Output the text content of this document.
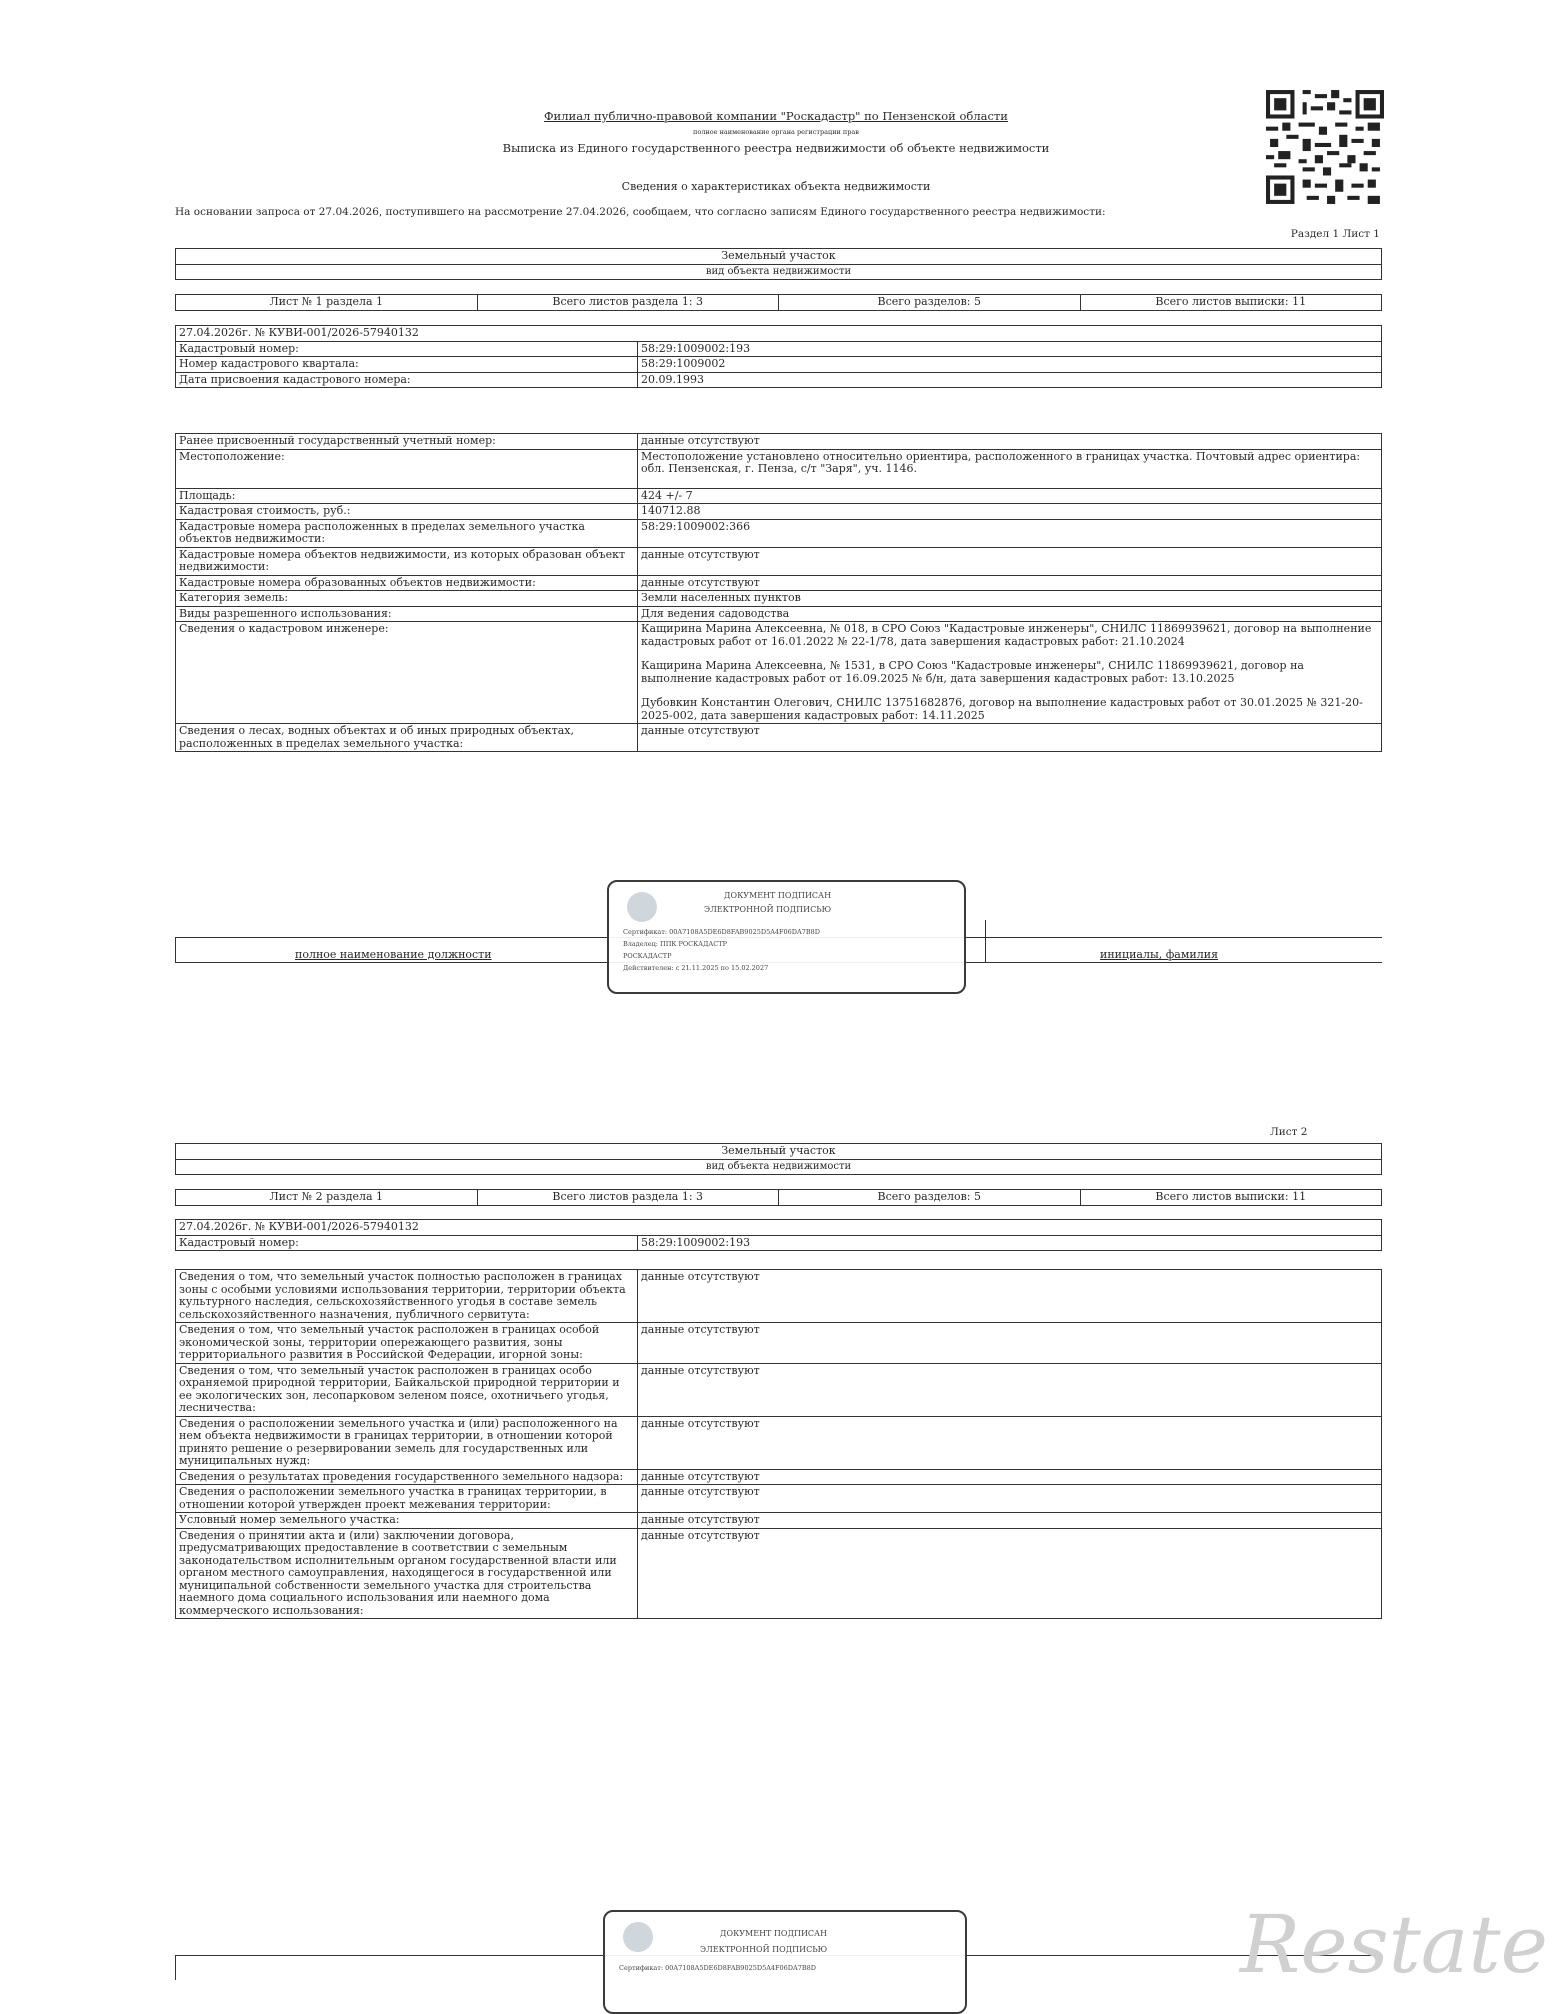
Филиал публично-правовой компании "Роскадастр" по Пензенской области
полное наименование органа регистрации прав
Выписка из Единого государственного реестра недвижимости об объекте недвижимости
Сведения о характеристиках объекта недвижимости
На основании запроса от 27.04.2026, поступившего на рассмотрение 27.04.2026, сообщаем, что согласно записям Единого государственного реестра недвижимости:
Раздел 1 Лист 1
Земельный участок
вид объекта недвижимости
Лист № 1 раздела 1	Всего листов раздела 1: 3	Всего разделов: 5	Всего листов выписки: 11
27.04.2026г. № КУВИ-001/2026-57940132	
Кадастровый номер:	58:29:1009002:193
Номер кадастрового квартала:	58:29:1009002
Дата присвоения кадастрового номера:	20.09.1993
Ранее присвоенный государственный учетный номер:	данные отсутствуют
Местоположение:	Местоположение установлено относительно ориентира, расположенного в границах участка. Почтовый адрес ориентира: обл. Пензенская, г. Пенза, с/т "Заря", уч. 1146.
Площадь:	424 +/- 7
Кадастровая стоимость, руб.:	140712.88
Кадастровые номера расположенных в пределах земельного участка объектов недвижимости:	58:29:1009002:366
Кадастровые номера объектов недвижимости, из которых образован объект недвижимости:	данные отсутствуют
Кадастровые номера образованных объектов недвижимости:	данные отсутствуют
Категория земель:	Земли населенных пунктов
Виды разрешенного использования:	Для ведения садоводства
Сведения о кадастровом инженере:	Кащирина Марина Алексеевна, № 018, в СРО Союз "Кадастровые инженеры", СНИЛС 11869939621, договор на выполнение кадастровых работ от 16.01.2022 № 22-1/78, дата завершения кадастровых работ: 21.10.2024
Кащирина Марина Алексеевна, № 1531, в СРО Союз "Кадастровые инженеры", СНИЛС 11869939621, договор на выполнение кадастровых работ от 16.09.2025 № б/н, дата завершения кадастровых работ: 13.10.2025
Дубовкин Константин Олегович, СНИЛС 13751682876, договор на выполнение кадастровых работ от 30.01.2025 № 321-20-2025-002, дата завершения кадастровых работ: 14.11.2025

Сведения о лесах, водных объектах и об иных природных объектах, расположенных в пределах земельного участка:	данные отсутствуют
полное наименование должности	инициалы, фамилия
ДОКУМЕНТ ПОДПИСАН
ЭЛЕКТРОННОЙ ПОДПИСЬЮ
Сертификат: 00A7108A5DE6D8FAB9025D5A4F06DA7B8D
Владелец: ППК РОСКАДАСТР
РОСКАДАСТР
Действителен: с 21.11.2025 по 15.02.2027
Лист 2
Земельный участок
вид объекта недвижимости
Лист № 2 раздела 1	Всего листов раздела 1: 3	Всего разделов: 5	Всего листов выписки: 11
27.04.2026г. № КУВИ-001/2026-57940132
Кадастровый номер:	58:29:1009002:193
Сведения о том, что земельный участок полностью расположен в границах зоны с особыми условиями использования территории, территории объекта культурного наследия, сельскохозяйственного угодья в составе земель сельскохозяйственного назначения, публичного сервитута:	данные отсутствуют
Сведения о том, что земельный участок расположен в границах особой экономической зоны, территории опережающего развития, зоны территориального развития в Российской Федерации, игорной зоны:	данные отсутствуют
Сведения о том, что земельный участок расположен в границах особо охраняемой природной территории, Байкальской природной территории и ее экологических зон, лесопарковом зеленом поясе, охотничьего угодья, лесничества:	данные отсутствуют
Сведения о расположении земельного участка и (или) расположенного на нем объекта недвижимости в границах территории, в отношении которой принято решение о резервировании земель для государственных или муниципальных нужд:	данные отсутствуют
Сведения о результатах проведения государственного земельного надзора:	данные отсутствуют
Сведения о расположении земельного участка в границах территории, в отношении которой утвержден проект межевания территории:	данные отсутствуют
Условный номер земельного участка:	данные отсутствуют
Сведения о принятии акта и (или) заключении договора, предусматривающих предоставление в соответствии с земельным законодательством исполнительным органом государственной власти или органом местного самоуправления, находящегося в государственной или муниципальной собственности земельного участка для строительства наемного дома социального использования или наемного дома коммерческого использования:	данные отсутствуют
ДОКУМЕНТ ПОДПИСАН
ЭЛЕКТРОННОЙ ПОДПИСЬЮ
Сертификат: 00A7108A5DE6D8FAB9025D5A4F06DA7B8D	Restate
